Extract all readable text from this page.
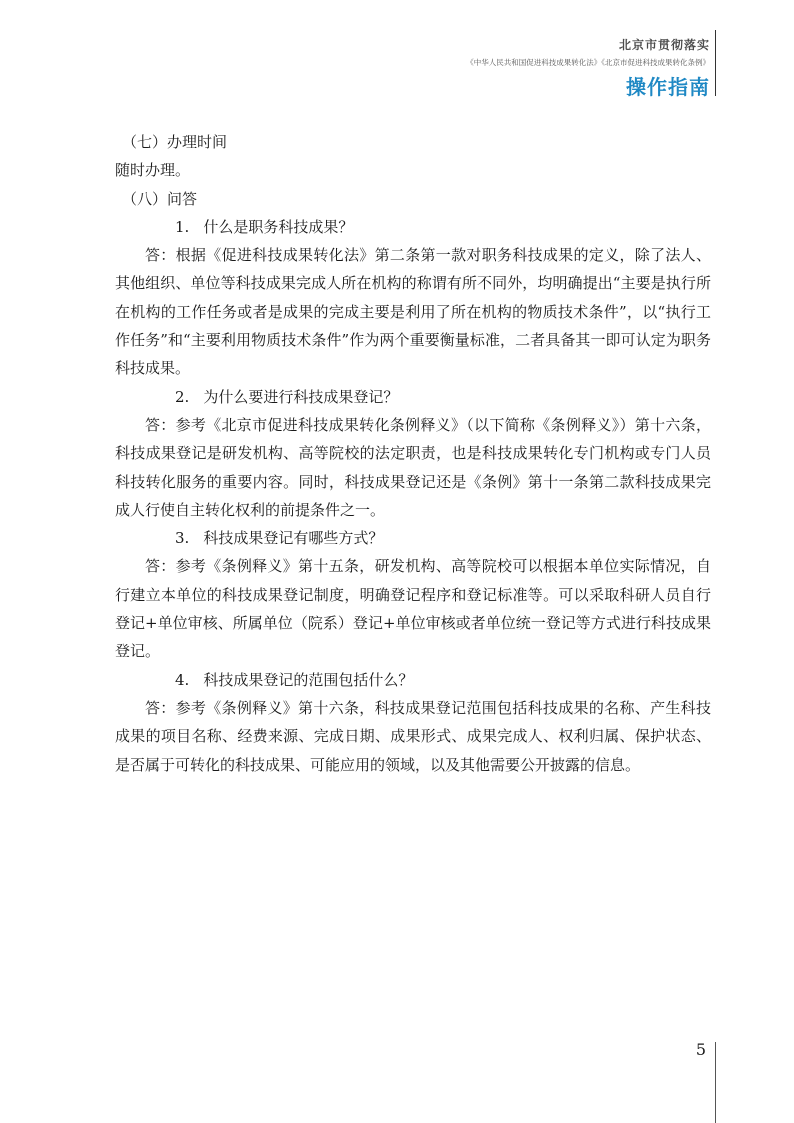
北京市贯彻落实
《中华人民共和国促进科技成果转化法》《北京市促进科技成果转化条例》
操作指南

（七）办理时间

随时办理。

（八）问答

1. 什么是职务科技成果？

答：根据《促进科技成果转化法》第二条第一款对职务科技成果的定义，除了法人、其他组织、单位等科技成果完成人所在机构的称谓有所不同外，均明确提出“主要是执行所在机构的工作任务或者是成果的完成主要是利用了所在机构的物质技术条件”，以“执行工作任务”和“主要利用物质技术条件”作为两个重要衡量标准，二者具备其一即可认定为职务科技成果。

2. 为什么要进行科技成果登记？

答：参考《北京市促进科技成果转化条例释义》（以下简称《条例释义》）第十六条，科技成果登记是研发机构、高等院校的法定职责，也是科技成果转化专门机构或专门人员科技转化服务的重要内容。同时，科技成果登记还是《条例》第十一条第二款科技成果完成人行使自主转化权利的前提条件之一。

3. 科技成果登记有哪些方式？

答：参考《条例释义》第十五条，研发机构、高等院校可以根据本单位实际情况，自行建立本单位的科技成果登记制度，明确登记程序和登记标准等。可以采取科研人员自行登记+单位审核、所属单位（院系）登记+单位审核或者单位统一登记等方式进行科技成果登记。

4. 科技成果登记的范围包括什么？

答：参考《条例释义》第十六条，科技成果登记范围包括科技成果的名称、产生科技成果的项目名称、经费来源、完成日期、成果形式、成果完成人、权利归属、保护状态、是否属于可转化的科技成果、可能应用的领域，以及其他需要公开披露的信息。

5
